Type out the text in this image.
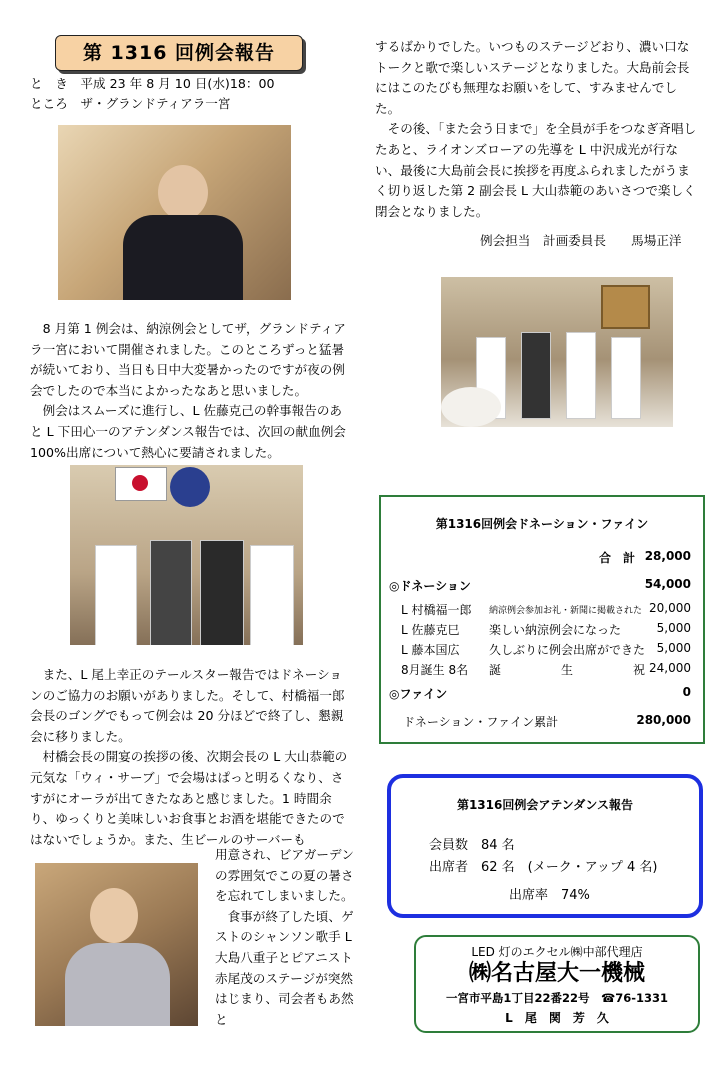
第 1316 回例会報告
と　き　平成 23 年 8 月 10 日(水)18：00
ところ　ザ・グランドティアラ一宮

8 月第 1 例会は、納涼例会としてザ，グランドティアラ一宮において開催されました。このところずっと猛暑が続いており、当日も日中大変暑かったのですが夜の例会でしたので本当によかったなあと思いました。

例会はスムーズに進行し、L 佐藤克己の幹事報告のあと L 下田心一のアテンダンス報告では、次回の献血例会 100%出席について熱心に要請されました。

また、L 尾上幸正のテールスター報告ではドネーションのご協力のお願いがありました。そして、村橋福一郎会長のゴングでもって例会は 20 分ほどで終了し、懇親会に移りました。

村橋会長の開宴の挨拶の後、次期会長の L 大山恭範の元気な「ウィ・サーブ」で会場はぱっと明るくなり、さすがにオーラが出てきたなあと感じました。1 時間余り、ゆっくりと美味しいお食事とお酒を堪能できたのではないでしょうか。また、生ビールのサーバーも

用意され、ビアガーデンの雰囲気でこの夏の暑さを忘れてしまいました。

食事が終了した頃、ゲストのシャンソン歌手 L 大島八重子とピアニスト赤尾茂のステージが突然はじまり、司会者もあ然と

するばかりでした。いつものステージどおり、濃い口なトークと歌で楽しいステージとなりました。大島前会長にはこのたびも無理なお願いをして、すみませんでした。

その後、「また会う日まで」を全員が手をつなぎ斉唱したあと、ライオンズローアの先導を L 中沢成光が行ない、最後に大島前会長に挨拶を再度ふられましたがうまく切り返した第 2 副会長 L 大山恭範のあいさつで楽しく閉会となりました。

例会担当　計画委員長　　馬場正洋
第1316回例会ドネーション・ファイン
合　計 28,000
◎ドネーション	54,000
L 村橋福一郎 納涼例会参加お礼・新聞に掲載された 20,000
L 佐藤克巳 楽しい納涼例会になった	5,000
L 藤本国広 久しぶりに例会出席ができた 5,000
8月誕生 8名 誕　　　　　生　　　　　祝 24,000
◎ファイン	0
ドネーション・ファイン累計	280,000
第1316回例会アテンダンス報告
会員数　84 名
出席者　62 名　(メーク・アップ 4 名)
出席率　74%
LED 灯のエクセル㈱中部代理店
㈱名古屋大一機械
一宮市平島1丁目22番22号　☎76-1331
L　尾　関　芳　久
